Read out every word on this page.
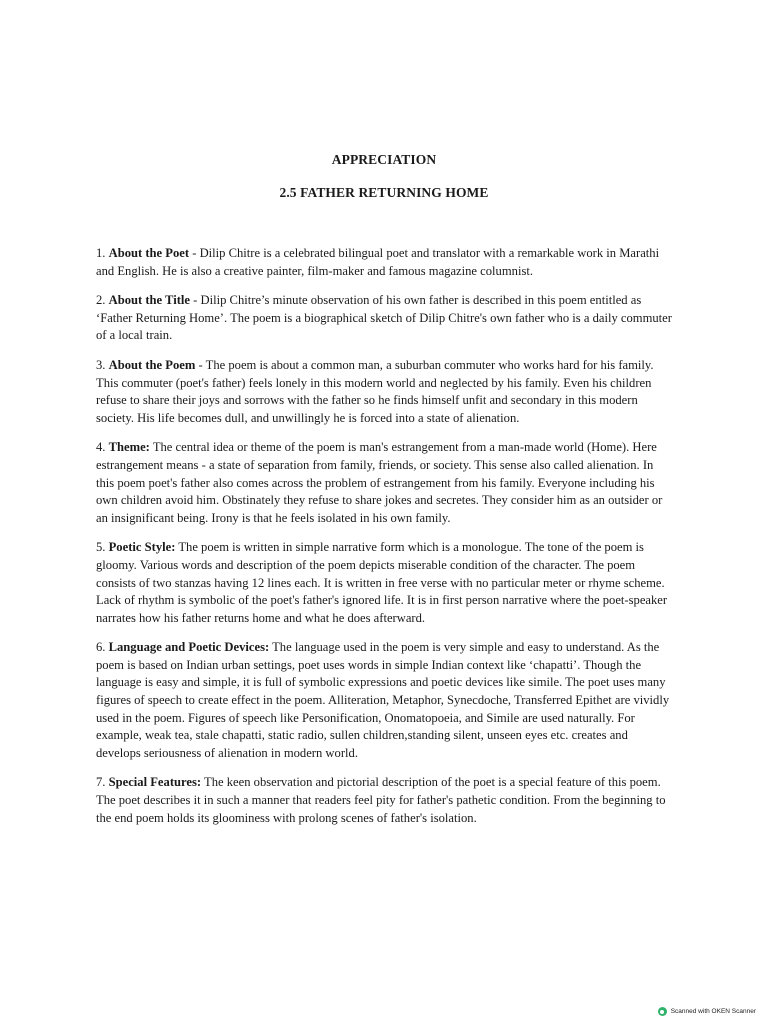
APPRECIATION
2.5 FATHER RETURNING HOME

1. About the Poet - Dilip Chitre is a celebrated bilingual poet and translator with a remarkable work in Marathi and English. He is also a creative painter, film-maker and famous magazine columnist.

2. About the Title - Dilip Chitre’s minute observation of his own father is described in this poem entitled as ‘Father Returning Home’. The poem is a biographical sketch of Dilip Chitre's own father who is a daily commuter of a local train.

3. About the Poem - The poem is about a common man, a suburban commuter who works hard for his family. This commuter (poet's father) feels lonely in this modern world and neglected by his family. Even his children refuse to share their joys and sorrows with the father so he finds himself unfit and secondary in this modern society. His life becomes dull, and unwillingly he is forced into a state of alienation.

4. Theme: The central idea or theme of the poem is man's estrangement from a man-made world (Home). Here estrangement means - a state of separation from family, friends, or society. This sense also called alienation. In this poem poet's father also comes across the problem of estrangement from his family. Everyone including his own children avoid him. Obstinately they refuse to share jokes and secretes. They consider him as an outsider or an insignificant being. Irony is that he feels isolated in his own family.

5. Poetic Style: The poem is written in simple narrative form which is a monologue. The tone of the poem is gloomy. Various words and description of the poem depicts miserable condition of the character. The poem consists of two stanzas having 12 lines each. It is written in free verse with no particular meter or rhyme scheme. Lack of rhythm is symbolic of the poet's father's ignored life. It is in first person narrative where the poet-speaker narrates how his father returns home and what he does afterward.

6. Language and Poetic Devices: The language used in the poem is very simple and easy to understand. As the poem is based on Indian urban settings, poet uses words in simple Indian context like ‘chapatti’. Though the language is easy and simple, it is full of symbolic expressions and poetic devices like simile. The poet uses many figures of speech to create effect in the poem. Alliteration, Metaphor, Synecdoche, Transferred Epithet are vividly used in the poem. Figures of speech like Personification, Onomatopoeia, and Simile are used naturally. For example, weak tea, stale chapatti, static radio, sullen children,standing silent, unseen eyes etc. creates and develops seriousness of alienation in modern world.

7. Special Features: The keen observation and pictorial description of the poet is a special feature of this poem. The poet describes it in such a manner that readers feel pity for father's pathetic condition. From the beginning to the end poem holds its gloominess with prolong scenes of father's isolation.

Scanned with OKEN Scanner
